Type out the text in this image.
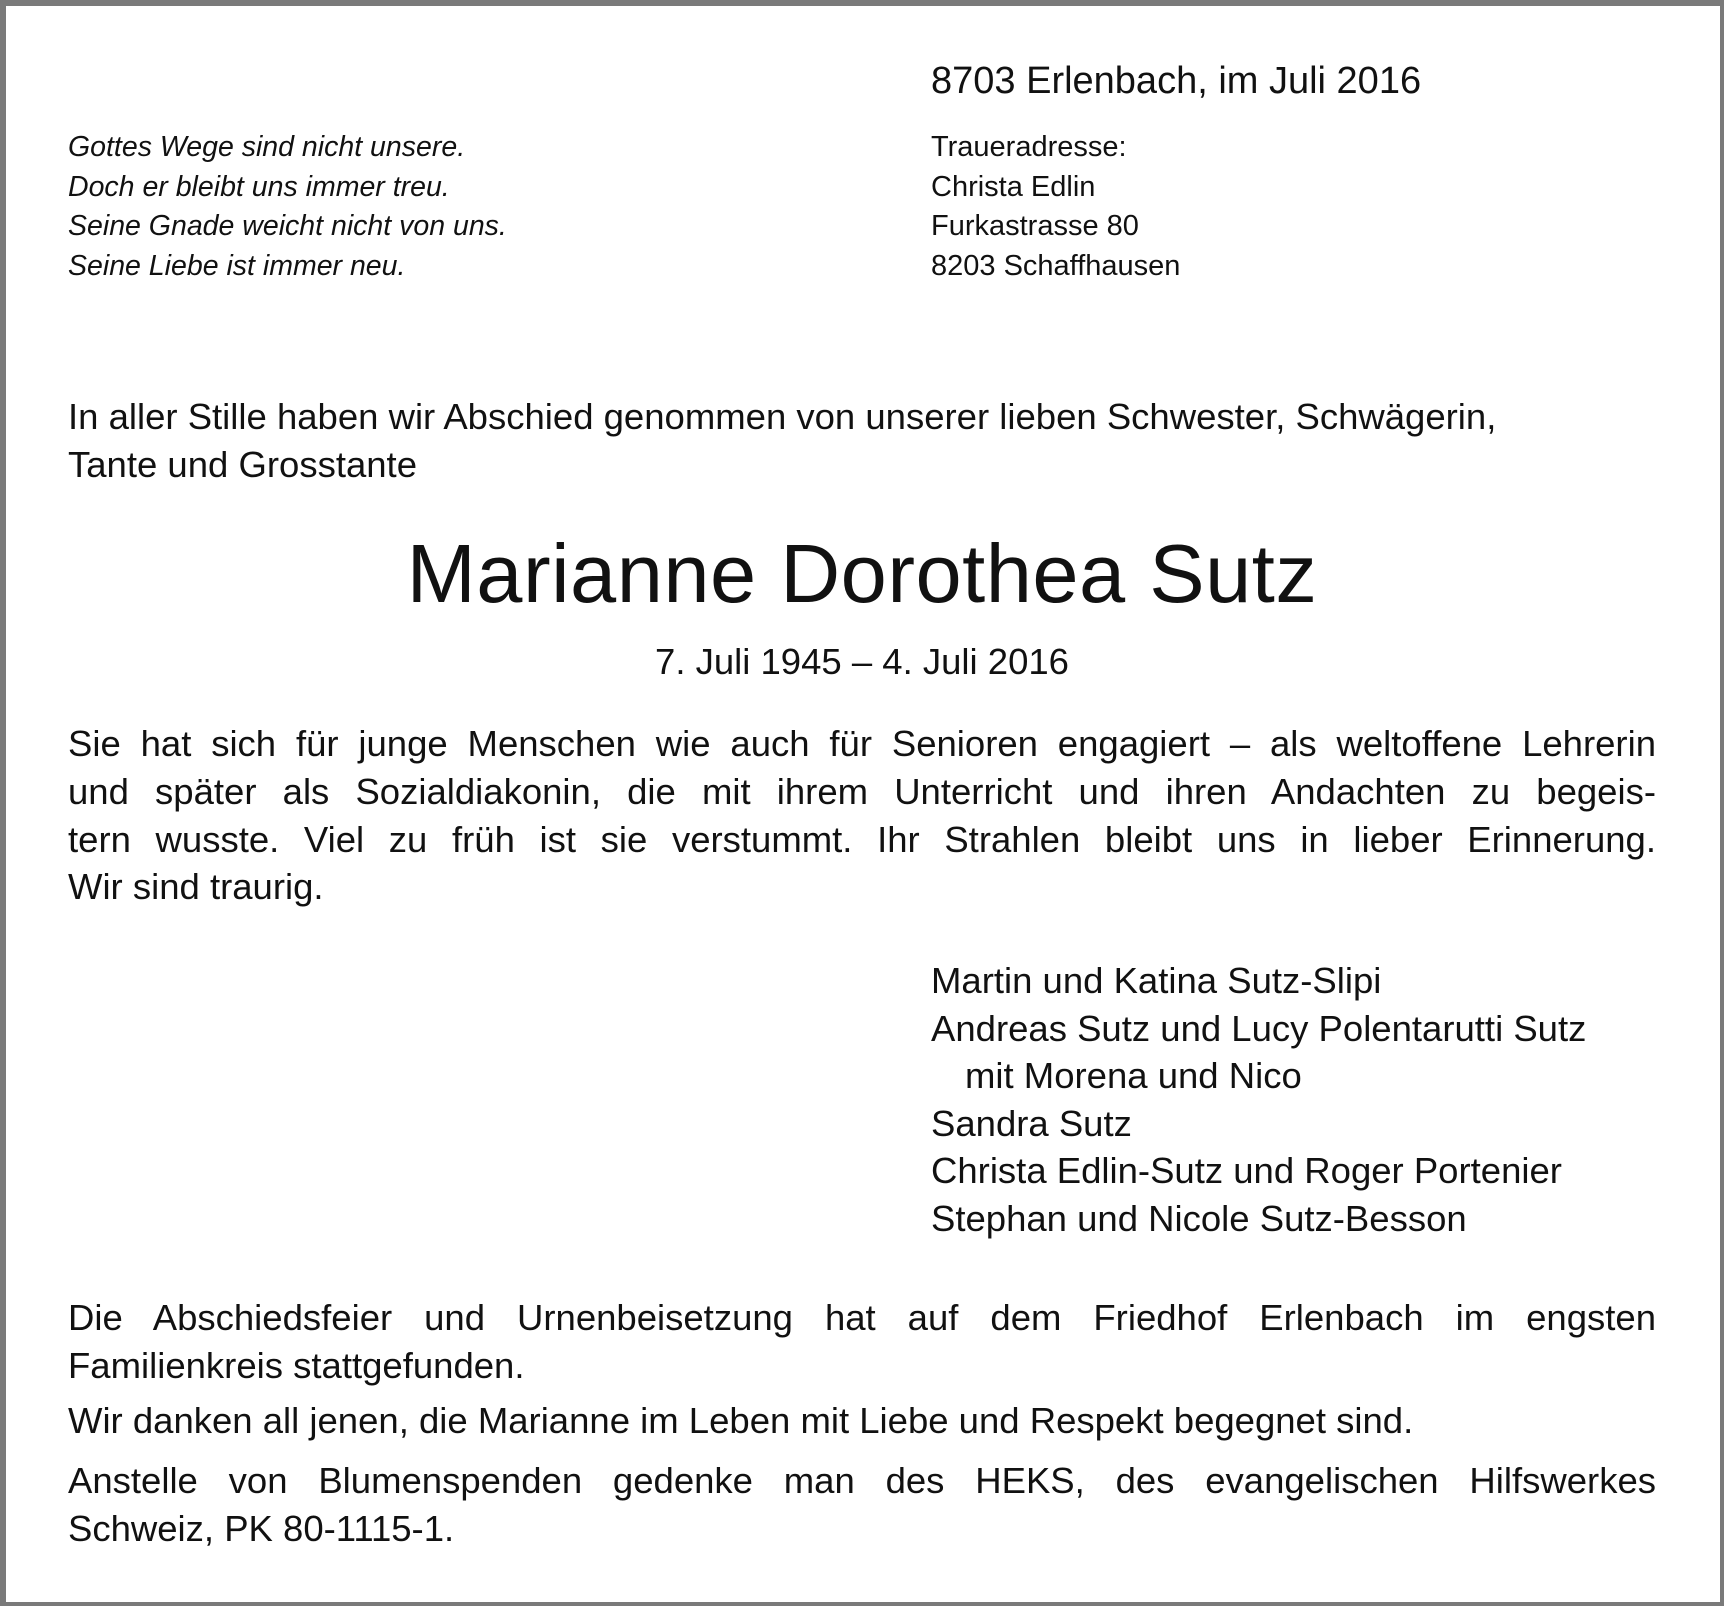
8703 Erlenbach, im Juli 2016
Gottes Wege sind nicht unsere.
Doch er bleibt uns immer treu.
Seine Gnade weicht nicht von uns.
Seine Liebe ist immer neu.
Traueradresse:
Christa Edlin
Furkastrasse 80
8203 Schaffhausen
In aller Stille haben wir Abschied genommen von unserer lieben Schwester, Schwägerin,
Tante und Grosstante
Marianne Dorothea Sutz
7. Juli 1945 – 4. Juli 2016
Sie hat sich für junge Menschen wie auch für Senioren engagiert – als weltoffene Lehrerin
und später als Sozialdiakonin, die mit ihrem Unterricht und ihren Andachten zu begeis-
tern wusste. Viel zu früh ist sie verstummt. Ihr Strahlen bleibt uns in lieber Erinnerung.
Wir sind traurig.
Martin und Katina Sutz-Slipi
Andreas Sutz und Lucy Polentarutti Sutz
mit Morena und Nico
Sandra Sutz
Christa Edlin-Sutz und Roger Portenier
Stephan und Nicole Sutz-Besson
Die Abschiedsfeier und Urnenbeisetzung hat auf dem Friedhof Erlenbach im engsten
Familienkreis stattgefunden.
Wir danken all jenen, die Marianne im Leben mit Liebe und Respekt begegnet sind.
Anstelle von Blumenspenden gedenke man des HEKS, des evangelischen Hilfswerkes
Schweiz, PK 80-1115-1.
